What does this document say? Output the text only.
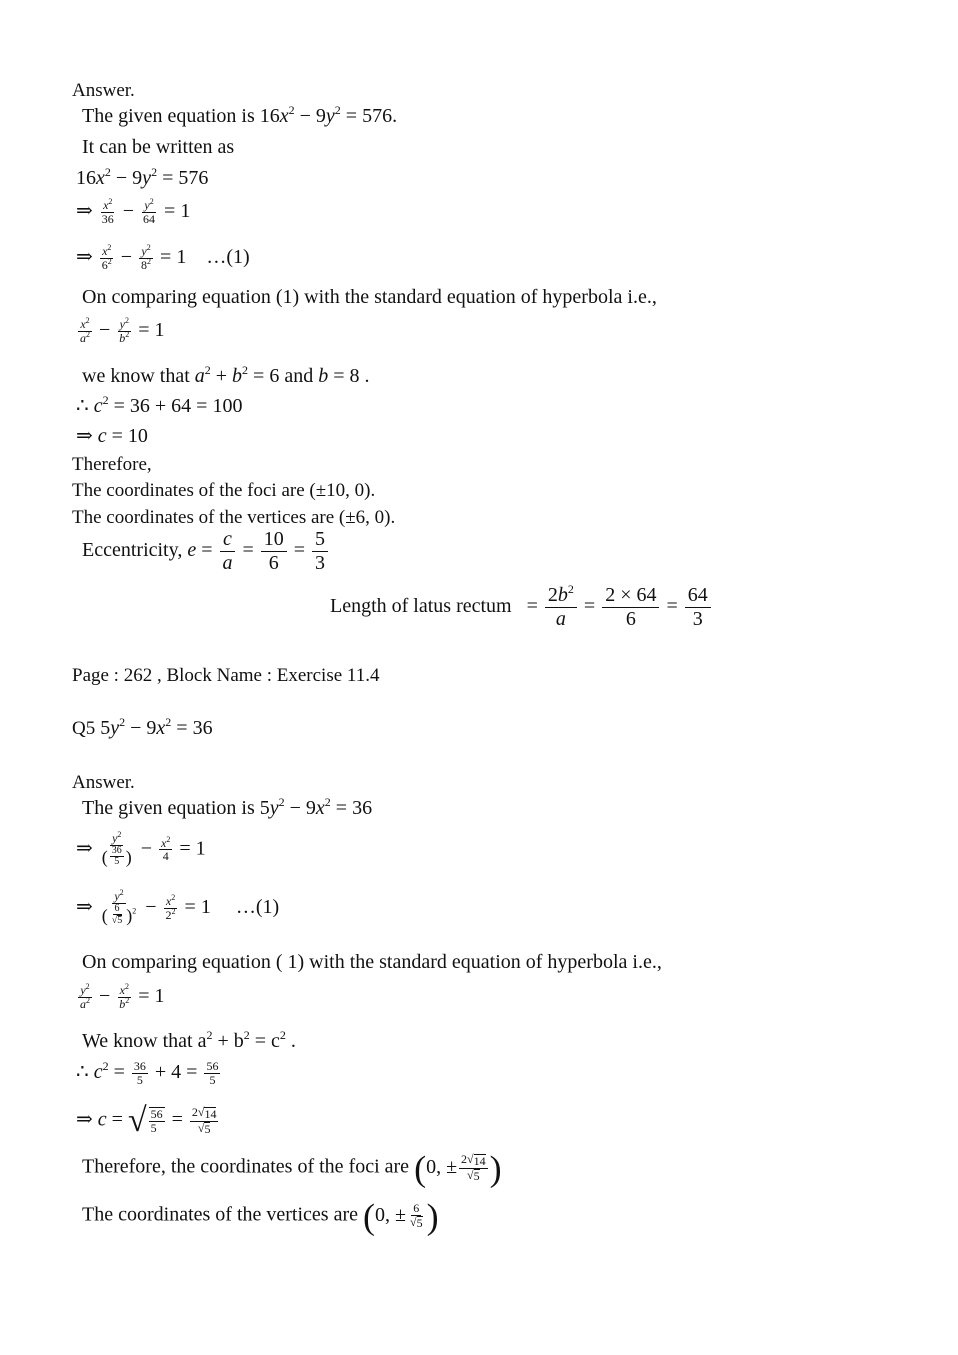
Answer.
The given equation is $16x^2 - 9y^2 = 576$.
It can be written as
$16x^2 - 9y^2 = 576$
⇒ $\frac{x^2}{36} - \frac{y^2}{64} = 1$
⇒ $\frac{x^2}{6^2} - \frac{y^2}{8^2} = 1$    …(1)
On comparing equation (1) with the standard equation of hyperbola i.e.,
$\frac{x^2}{a^2} - \frac{y^2}{b^2} = 1$
we know that $a^2 + b^2 = 6$ and b = 8 .
∴ $c^2 = 36 + 64 = 100$
⇒ c = 10
Therefore,
The coordinates of the foci are (±10, 0).
The coordinates of the vertices are (±6, 0).
Eccentricity, $e = \frac{c}{a} = \frac{10}{6} = \frac{5}{3}$
Length of latus rectum = $\frac{2b^2}{a} = \frac{2 \times 64}{6} = \frac{64}{3}$
Page : 262 , Block Name : Exercise 11.4
Q5 $5y^2 - 9x^2 = 36$
Answer.
The given equation is $5y^2 - 9x^2 = 36$
⇒ $\frac{y^2}{( \frac{36}{5} )} - \frac{x^2}{4} = 1$
⇒ $\frac{y^2}{( \frac{6}{√5} )^2} - \frac{x^2}{2^2} = 1$     …(1)
On comparing equation ( 1) with the standard equation of hyperbola i.e.,
$\frac{y^2}{a^2} - \frac{x^2}{b^2} = 1$
We know that $a^2 + b^2 = c^2$ .
∴ $c^2 = \frac{36}{5} + 4 = \frac{56}{5}$
⇒ c = √ $\frac{56}{5} = \frac{2√14}{√5}$
Therefore, the coordinates of the foci are (0, ± $\frac{2√14}{√5}$ )
The coordinates of the vertices are (0, ± $\frac{6}{√5}$ )
